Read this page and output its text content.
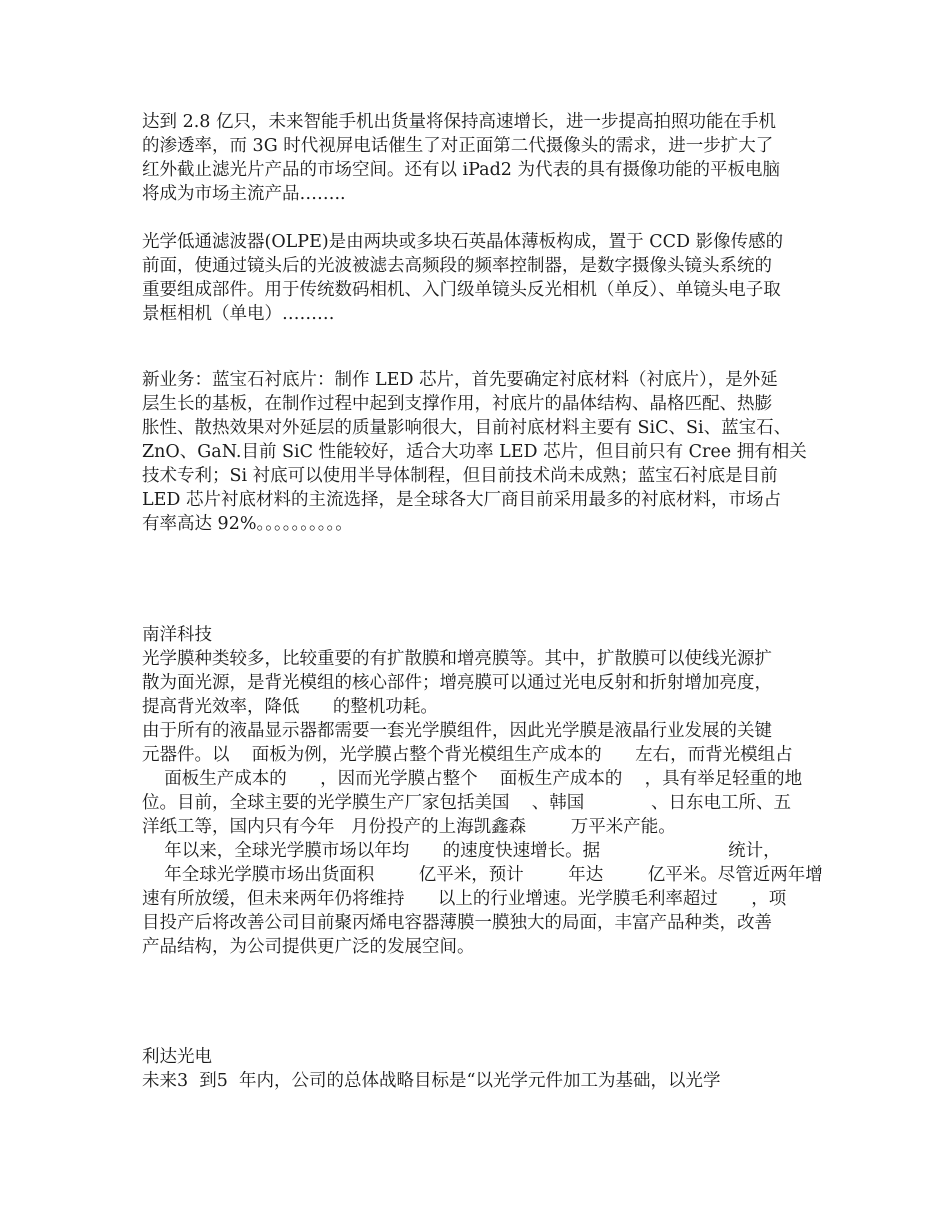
达到 2.8 亿只，未来智能手机出货量将保持高速增长，进一步提高拍照功能在手机
的渗透率，而 3G 时代视屏电话催生了对正面第二代摄像头的需求，进一步扩大了
红外截止滤光片产品的市场空间。还有以 iPad2 为代表的具有摄像功能的平板电脑
将成为市场主流产品……..
光学低通滤波器(OLPE)是由两块或多块石英晶体薄板构成，置于 CCD 影像传感的
前面，使通过镜头后的光波被滤去高频段的频率控制器，是数字摄像头镜头系统的
重要组成部件。用于传统数码相机、入门级单镜头反光相机（单反）、单镜头电子取
景框相机（单电）………
新业务：蓝宝石衬底片：制作 LED 芯片，首先要确定衬底材料（衬底片），是外延
层生长的基板，在制作过程中起到支撑作用，衬底片的晶体结构、晶格匹配、热膨
胀性、散热效果对外延层的质量影响很大，目前衬底材料主要有 SiC、Si、蓝宝石、
ZnO、GaN.目前 SiC 性能较好，适合大功率 LED 芯片，但目前只有 Cree 拥有相关
技术专利；Si 衬底可以使用半导体制程，但目前技术尚未成熟；蓝宝石衬底是目前
LED 芯片衬底材料的主流选择，是全球各大厂商目前采用最多的衬底材料，市场占
有率高达 92%。。。。。。。。。。
南洋科技
光学膜种类较多，比较重要的有扩散膜和增亮膜等。其中，扩散膜可以使线光源扩
散为面光源，是背光模组的核心部件；增亮膜可以通过光电反射和折射增加亮度，
提高背光效率，降低      的整机功耗。
由于所有的液晶显示器都需要一套光学膜组件，因此光学膜是液晶行业发展的关键
元器件。以    面板为例，光学膜占整个背光模组生产成本的      左右，而背光模组占
面板生产成本的      ，因而光学膜占整个    面板生产成本的    ，具有举足轻重的地
位。目前，全球主要的光学膜生产厂家包括美国    、韩国            、日东电工所、五
洋纸工等，国内只有今年   月份投产的上海凯鑫森        万平米产能。
年以来，全球光学膜市场以年均      的速度快速增长。据                       统计，
年全球光学膜市场出货面积        亿平米，预计        年达        亿平米。尽管近两年增
速有所放缓，但未来两年仍将维持      以上的行业增速。光学膜毛利率超过      ，项
目投产后将改善公司目前聚丙烯电容器薄膜一膜独大的局面，丰富产品种类，改善
产品结构，为公司提供更广泛的发展空间。
利达光电
未来3  到5  年内，公司的总体战略目标是“以光学元件加工为基础，以光学
